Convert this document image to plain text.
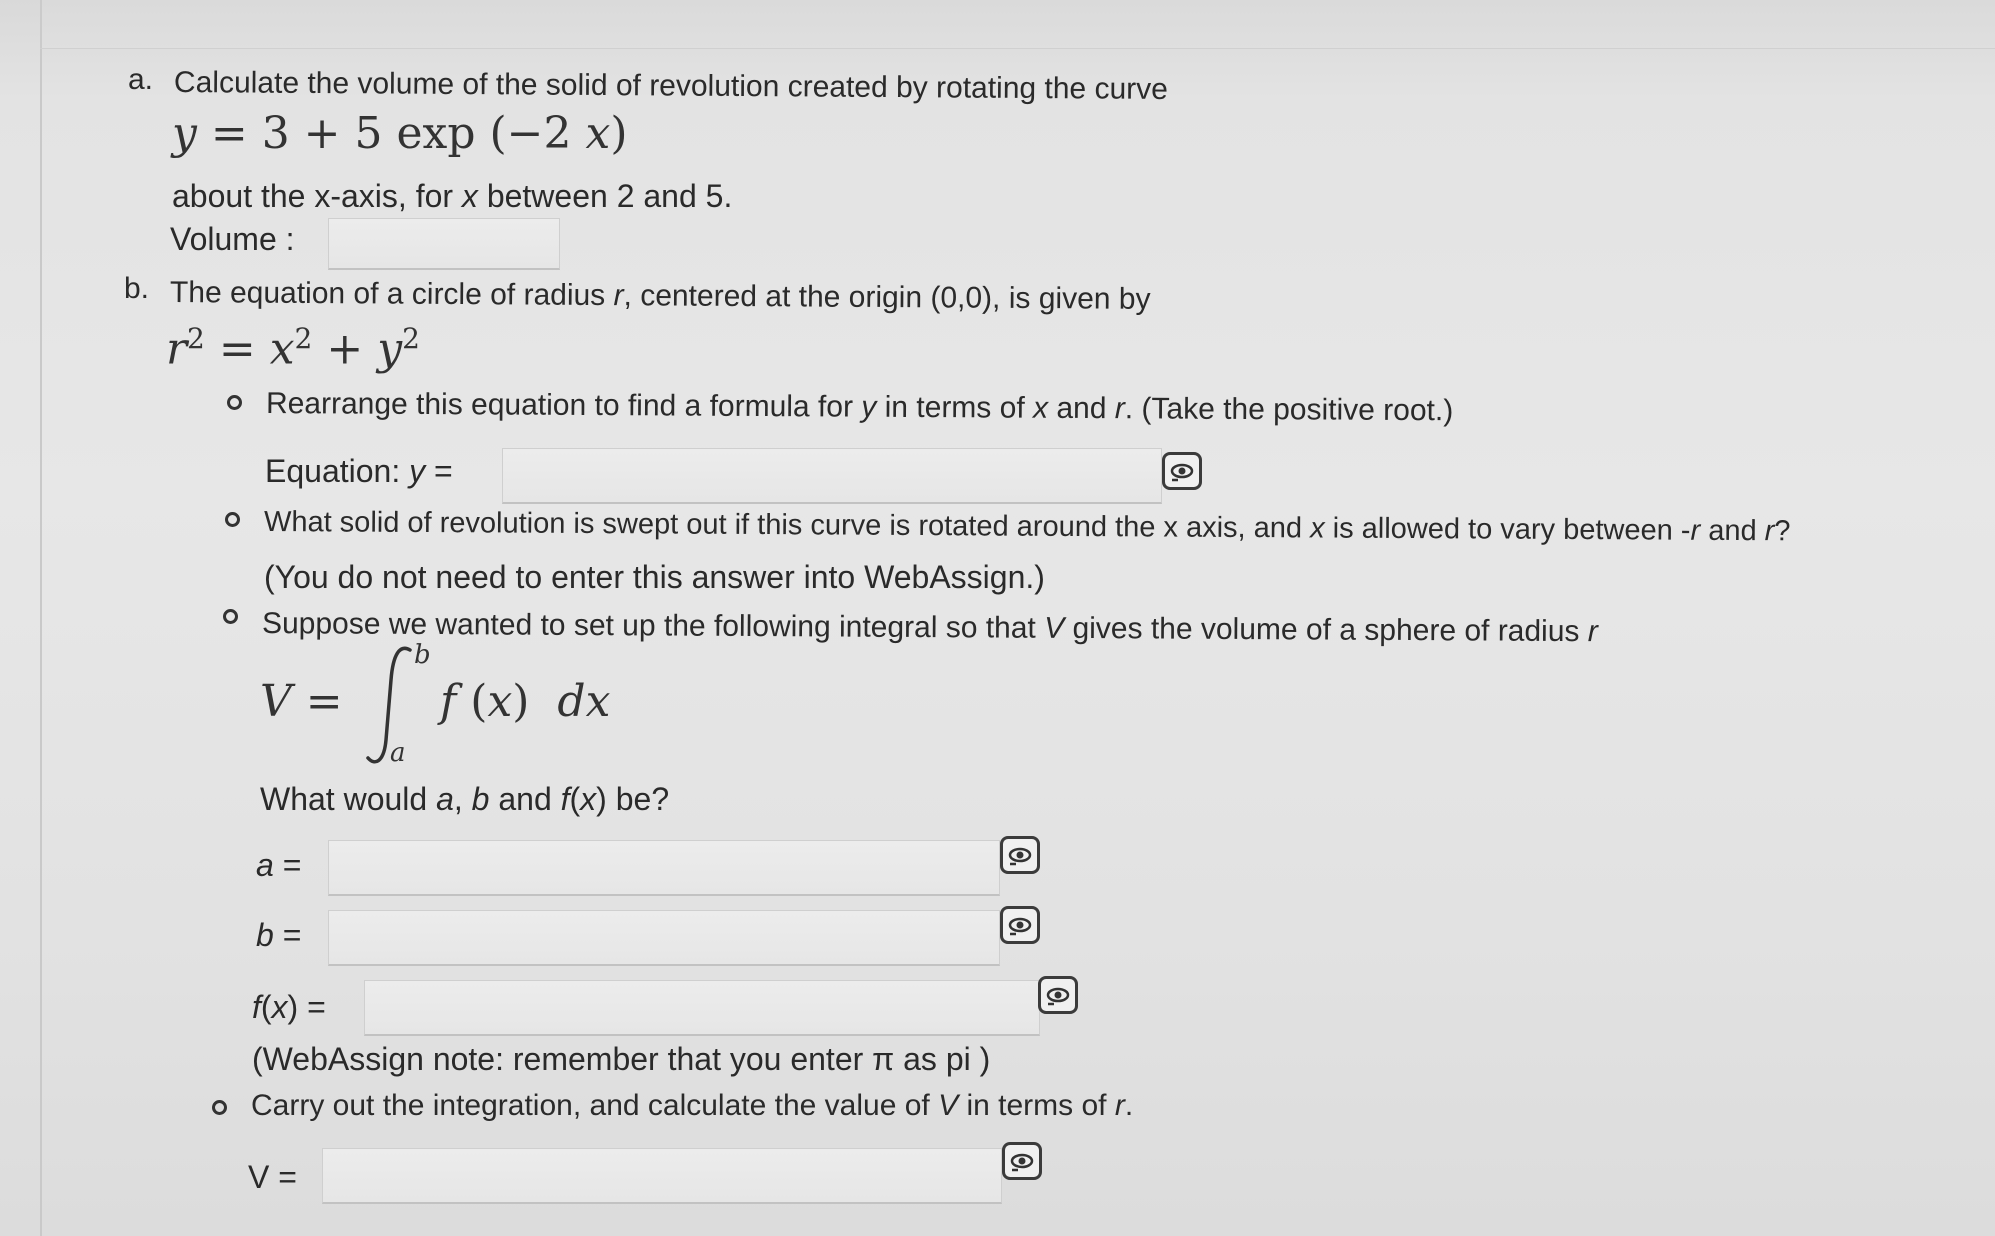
a. Calculate the volume of the solid of revolution created by rotating the curve
y = 3 + 5 exp (−2 x)
about the x-axis, for x between 2 and 5.
Volume :
b. The equation of a circle of radius r, centered at the origin (0,0), is given by
$r^2 = x^2 + y^2$
Rearrange this equation to find a formula for y in terms of x and r. (Take the positive root.)
Equation: y =
What solid of revolution is swept out if this curve is rotated around the x axis, and x is allowed to vary between -r and r?
(You do not need to enter this answer into WebAssign.)
Suppose we wanted to set up the following integral so that V gives the volume of a sphere of radius r
V =
b
a
f (x)  dx
What would a, b and f(x) be?
a =
b =
f(x) =
(WebAssign note: remember that you enter π as pi )
Carry out the integration, and calculate the value of V in terms of r.
V =
